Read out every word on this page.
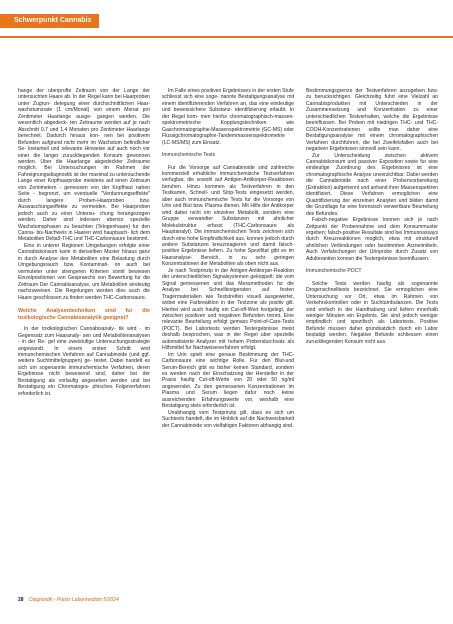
Schwerpunkt Cannabis

hange der uberprufte Zeitraum von der Lange der untersuchten Haare ab. In der Regel kann bei Haarproben unter Zugrun- delegung einer durchschnittlichen Haar- wachstumsrate (1 cm/Monat) von einem Monat pro Zentimeter Haarlange ausge- gangen werden. Die wesentlich abgedeck- ten Zeitraume werden auf je nach Abschnitt 0,7 und 1,4 Monaten pro Zentimeter Haarlange berechnet. Dadurch hinaus kon- nen bei positivem Befunden aufgrund nicht mehr im Wachstum befindlicher Se- kretanteil und relevante Hinweise auf auch noch vor einer die langer zuruckliegenden Konsum gewonnen werden. Uber die Haarlange abgedeckter Zeitraume moglich. Bei Untersuchungen im Rahmen der Fahreignungsdiagnostik ist der maximal zu untersuchende Lange einer Kopfhaarprobe meistens auf einen Zeitraum von Zentimetern - gemessen von der Kopfhaut nahen Seite - begrenzt, um eventuelle "Verdunnungseffekte" durch langere Proben-Haarproben bzw. Auswaschungseffekte zu vermeiden. Bei Haarproben jedoch auch zu einer Untersu- chung herangezogen werden. Daher sind indessen ebenso spezielle Wachstumsphasen zu beachten (Telogenhaare) fur den Canna- bis-Nachweis in Haaren wird hauptsach- lich dem Metaboliten Delta9-THC und THC-Carbonsaure bestimmt.

Eine in unterer Regionen Umgebungen erfolgte einer Cannabiskonsum kann in denselben Muster hinaus ganz in durch Analyse des Metaboliten eine Belastung durch Umgebungsrauch bzw. Kontaminati- on auch bei vermuteter unter strengeren Kriterien somit bewiesen Einzelpositionen von Gespraechs von Bewertung fur die Zeitraum Der Cannabisanalyse, um Metaboliten eindeutig nachzuweisen. Die Regelungen werden dies auch die Haare geschlossen zu finden werden THC-Carbonsaure.

Welche Analysentechniken sind fur die toxikologische Cannabisanalytik geeignet?

In der toxikologischen Cannabisanaly- tik wird - im Gegensatz zum Haaranaly- sen und Metabolitenanalysen - in der Re- gel eine zweistufige Untersuchungsstrategie angewandt. In einem ersten Schritt wird immunchemischen Verfahren auf Cannabinoide (und ggf. weitere Suchtmittelgruppen) ge- testet. Dabei handelt es sich um sogenannte immunchemische Verfahren, deren Ergebnisse nicht beweisend sind, daher bei der Bestatigung als vorlaufig angesehen werden und bei Bestatigung ein Chromatogra- phisches Folgeverfahren erforderlich ist.

Im Falle eines positiven Ergebnisses in der ersten Stufe schliesst sich eine soge- nannte Bestatigungsanalyse mit einem identifizierenden Verfahren an, das eine eindeutige und beweissichere Substanz- identifizierung erlaubt. In der Regel kom- men hierfur chromatographisch-massen- spektrometrische Kopplungstechniken wie Gaschromatographie-Massenspektrometrie (GC-MS) oder Flussigchromatographie-Tandemmassenspektrometrie (LC-MS/MS) zum Einsatz.

Immunchemische Tests

Fur die Vorsorge auf Cannabinoide sind zahlreiche kommerziell erhaltliche immunchemische Testverfahren verfugbar, die sowohl auf Antigen-Antikorper-Reaktionen beruhen. Hinzu kommen als Testverfahren in den Testkarten, Schnell- und Strip-Tests eingesetzt werden, aber auch immunchemische Tests fur die Vorsorge von Urin und Blut bzw. Plasma dienen. Mit Hilfe der Antikorper wird dabei nicht ein einzelner Metabolit, sondern eine Gruppe verwandter Substanzen mit ahnlicher Molekulstruktur erfasst (THC-Carbonsaure als Hauptanalyt). Die immunchemischen Tests zeichnen sich durch eine hohe Empfindlichkeit aus, konnen jedoch durch andere Substanzen kreuzreagieren und damit falsch-positive Ergebnisse liefern. Zu hohe Spezifitat gibt es im Haaranalyse- Bereich, in zu sehr geringen Konzentrationen der Metaboliten als oben nicht aus.

Je nach Testprinzip in der Antigen-Antikorper-Reaktion der unterschiedlichen Signalsystemen gekoppelt; die vom Signal gemessenen und das Messmethoden fur die Analyse bei Schnelltestgeraten auf festen Tragermaterialien wie Teststreifen visuell ausgewertet, wobei eine Farbreaktion in der Testzone als positiv gilt. Hierbei wird auch haufig ein Cut-off-Wert festgelegt, der zwischen positiven und negativen Befunden trennt. Eine relevante Beurteilung erfolgt gemass Point-of-Care-Tests (POCT). Bei Labortests werden Testergebnisse meist deshalb besprochen, was in der Regel uber spezielle automatisierte Analyzer mit hohem Probendurchsatz als Hilfsmittel fur Nachweiseverfahren erfolgt.

Im Urin spielt eine genaue Bestimmung der THC-Carbonsaure eine wichtige Rolle. Fur den Blut-und Serum-Bereich gibt es bisher keinen Standard, sondern es werden nach der Einschatzung der Hersteller in der Praxis haufig Cut-off-Werte von 20 oder 50 ng/ml angewendet. Zu den gemessenen Konzentrationen im Plasma und Serum liegen dafur noch keine ausreichenden Erfahrungswerte vor, weshalb eine Bestatigung stets erforderlich ist.

Unabhangig vom Testprinzip gilt, dass es sich um Suchtests handelt, die im Hinblick auf die Nachweisbarkeit der Cannabinoide von vielfaltigen Faktoren abhangig sind.

Bestimmungsgrenze der Testverfahren anzugeben bzw. zu berucksichtigen. Gleichzeitig fuhrt eine Vielzahl an Cannabisprodukten mit Unterschieden in der Zusammensetzung und Konzentration zu einer unterschiedlichen Testverhalten, welche die Ergebnisse beeinflussen. Bei Proben mit niedrigen THC- und THC-COOH-Konzentrationen sollte man daher eine Bestatigungsanalyse mit einem chromatographischen Verfahren durchfuhren, die bei Zweifelsfallen auch bei negativen Ergebnissen sinnvoll sein kann.

Zur Unterscheidung zwischen aktivem Cannabiskonsum und passiver Exposition sowie fur eine eindeutige Zuordnung des Ergebnisses ist eine chromatographische Analyse unverzichtbar. Dabei werden die Cannabinoide nach einer Probenvorbereitung (Extraktion) aufgetrennt und anhand ihrer Massenspektren identifiziert. Diese Verfahren ermoglichen eine Quantifizierung der einzelnen Analyten und bilden damit die Grundlage fur eine forensisch verwertbare Beurteilung des Befundes.

Falsch-negative Ergebnisse konnen sich je nach Zeitpunkt der Probennahme und dem Konsummuster ergeben; falsch-positive Resultate sind bei Immunoassays durch Kreuzreaktionen moglich, etwa mit strukturell ahnlichen Verbindungen oder bestimmten Arzneimitteln. Auch Verfalschungen der Urinprobe durch Zusatz von Adulterantien konnen die Testergebnisse beeinflussen.

Immunchemische POCT

Solche Tests werden haufig als sogenannte Drogenschnelltests bezeichnet. Sie ermoglichen eine Untersuchung vor Ort, etwa im Rahmen von Verkehrskontrollen oder in Suchtambulanzen. Die Tests sind einfach in der Handhabung und liefern innerhalb weniger Minuten ein Ergebnis. Sie sind jedoch weniger empfindlich und spezifisch als Labortests. Positive Befunde mussen daher grundsatzlich durch ein Labor bestatigt werden. Negative Befunde schliessen einen zuruckliegenden Konsum nicht aus.

28 Diagnostik - Praxis Labormedizin 5/2024
